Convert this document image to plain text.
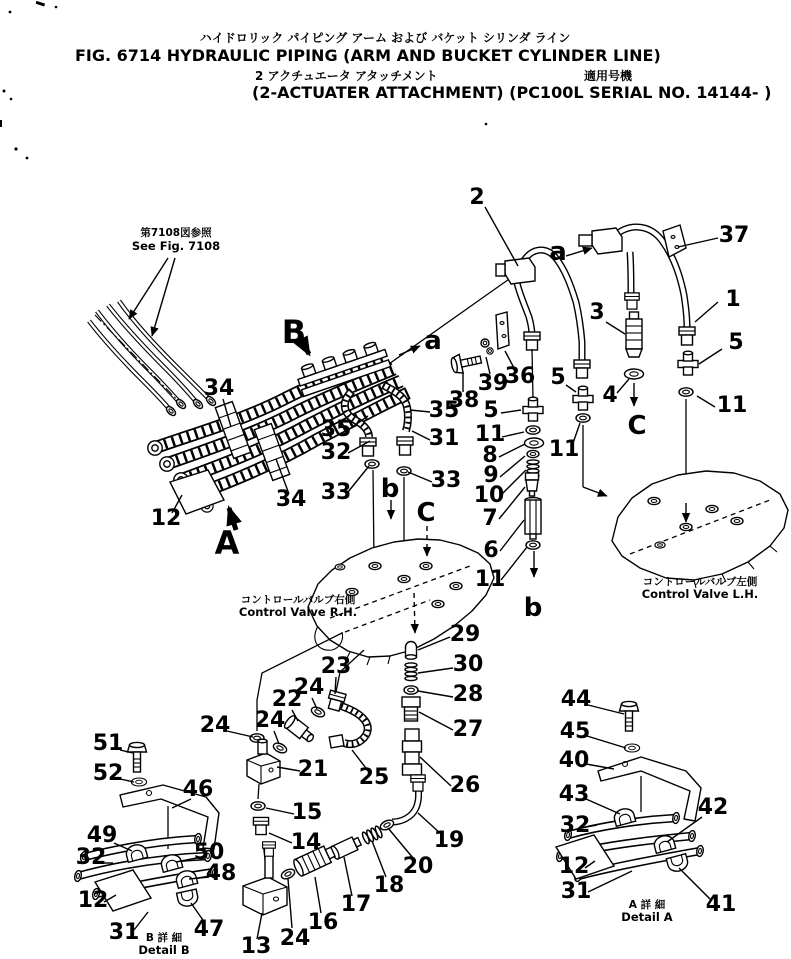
ハイドロリック パイピング アーム および バケット シリンダ ライン
FIG. 6714 HYDRAULIC PIPING (ARM AND BUCKET CYLINDER LINE)
2 アクチュエータ アタッチメント	適用号機
(2-ACTUATER ATTACHMENT) (PC100L SERIAL NO. 14144- )
第7108図参照
See Fig. 7108
コントロールバルブ右側
Control Valve R.H.
コントロールバルブ左側
Control Valve L.H.
B 詳 細
Detail B
A 詳 細
Detail A
2
37
1
3
5
4	11
36
39
38
5
11
5
11
8
9
10
7
6
11
34
34
12
35
32
33
35
31
33
29
30
28
27
26
23
24
22
24
24
21 25
15
14
16
17
18
20
19
24
13
51
52
46
49
32	50
48
12
31 47
44
45
40
43
32
12
31
42
41
B
A
a
a
b
b
C
C
